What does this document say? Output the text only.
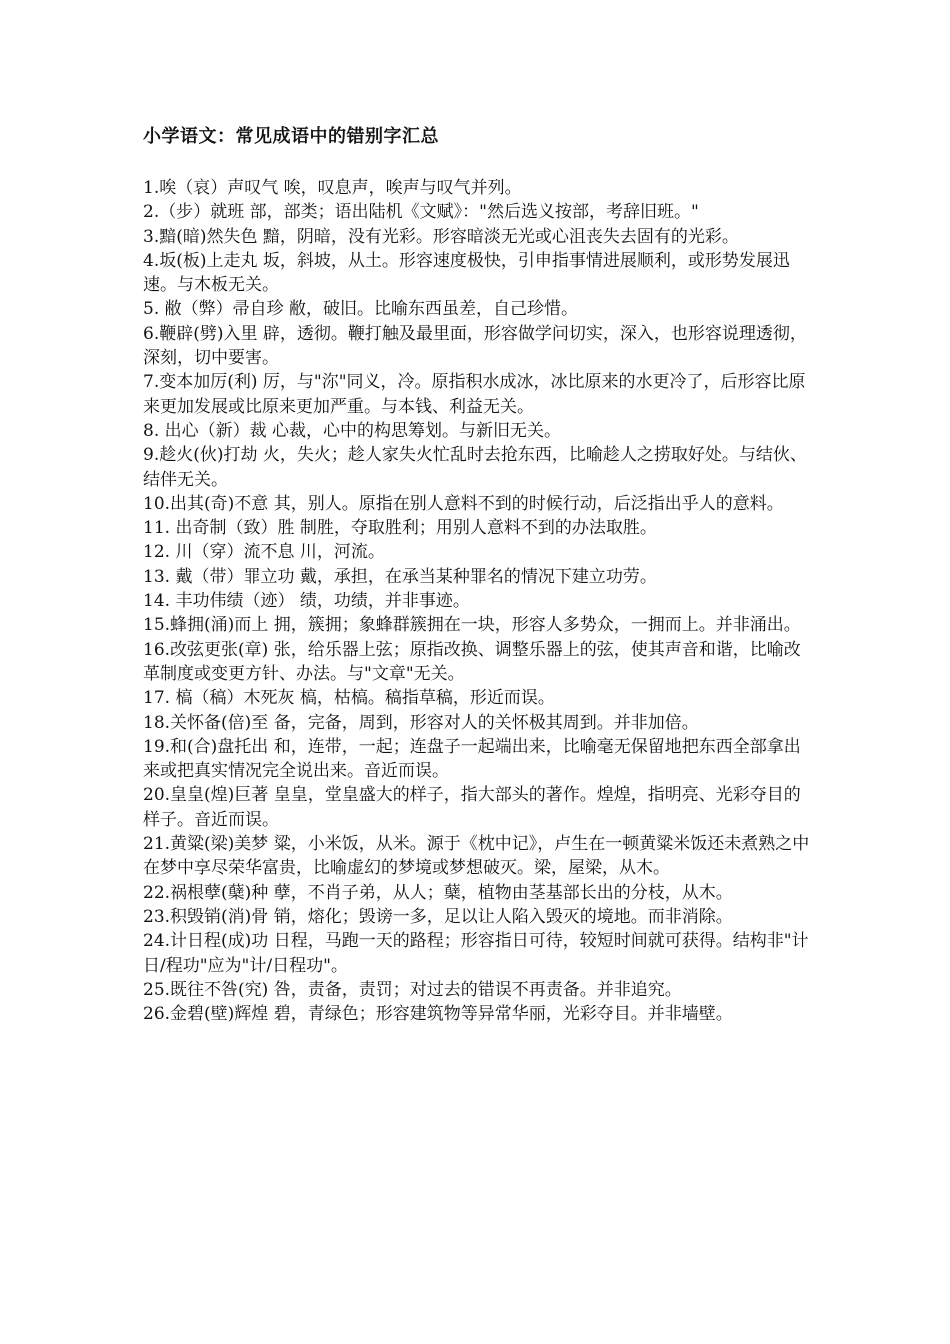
小学语文：常见成语中的错别字汇总
1.唉（哀）声叹气 唉，叹息声，唉声与叹气并列。
2.（步）就班 部，部类；语出陆机《文赋》："然后选义按部，考辞旧班。"
3.黯(暗)然失色 黯，阴暗，没有光彩。形容暗淡无光或心沮丧失去固有的光彩。
4.坂(板)上走丸 坂，斜坡，从土。形容速度极快，引申指事情进展顺利，或形势发展迅速。与木板无关。
5. 敝（弊）帚自珍 敝，破旧。比喻东西虽差，自己珍惜。
6.鞭辟(劈)入里 辟，透彻。鞭打触及最里面，形容做学问切实，深入，也形容说理透彻，深刻，切中要害。
7.变本加厉(利) 厉，与"沵"同义，冷。原指积水成冰，冰比原来的水更冷了，后形容比原来更加发展或比原来更加严重。与本钱、利益无关。
8. 出心（新）裁 心裁，心中的构思筹划。与新旧无关。
9.趁火(伙)打劫 火，失火；趁人家失火忙乱时去抢东西，比喻趁人之捞取好处。与结伙、结伴无关。
10.出其(奇)不意 其，别人。原指在别人意料不到的时候行动，后泛指出乎人的意料。
11. 出奇制（致）胜 制胜，夺取胜利；用别人意料不到的办法取胜。
12. 川（穿）流不息 川，河流。
13. 戴（带）罪立功 戴，承担，在承当某种罪名的情况下建立功劳。
14. 丰功伟绩（迹） 绩，功绩，并非事迹。
15.蜂拥(涌)而上 拥，簇拥；象蜂群簇拥在一块，形容人多势众，一拥而上。并非涌出。
16.改弦更张(章) 张，给乐器上弦；原指改换、调整乐器上的弦，使其声音和谐，比喻改革制度或变更方针、办法。与"文章"无关。
17. 槁（稿）木死灰 槁，枯槁。稿指草稿，形近而误。
18.关怀备(倍)至 备，完备，周到，形容对人的关怀极其周到。并非加倍。
19.和(合)盘托出 和，连带，一起；连盘子一起端出来，比喻毫无保留地把东西全部拿出来或把真实情况完全说出来。音近而误。
20.皇皇(煌)巨著 皇皇，堂皇盛大的样子，指大部头的著作。煌煌，指明亮、光彩夺目的样子。音近而误。
21.黄粱(梁)美梦 粱，小米饭，从米。源于《枕中记》，卢生在一顿黄粱米饭还未煮熟之中在梦中享尽荣华富贵，比喻虚幻的梦境或梦想破灭。梁，屋梁，从木。
22.祸根孽(蘖)种 孽，不肖子弟，从人；蘖，植物由茎基部长出的分枝，从木。
23.积毁销(消)骨 销，熔化；毁谤一多，足以让人陷入毁灭的境地。而非消除。
24.计日程(成)功 日程，马跑一天的路程；形容指日可待，较短时间就可获得。结构非"计日/程功"应为"计/日程功"。
25.既往不咎(究) 咎，责备，责罚；对过去的错误不再责备。并非追究。
26.金碧(壁)辉煌 碧，青绿色；形容建筑物等异常华丽，光彩夺目。并非墙壁。
